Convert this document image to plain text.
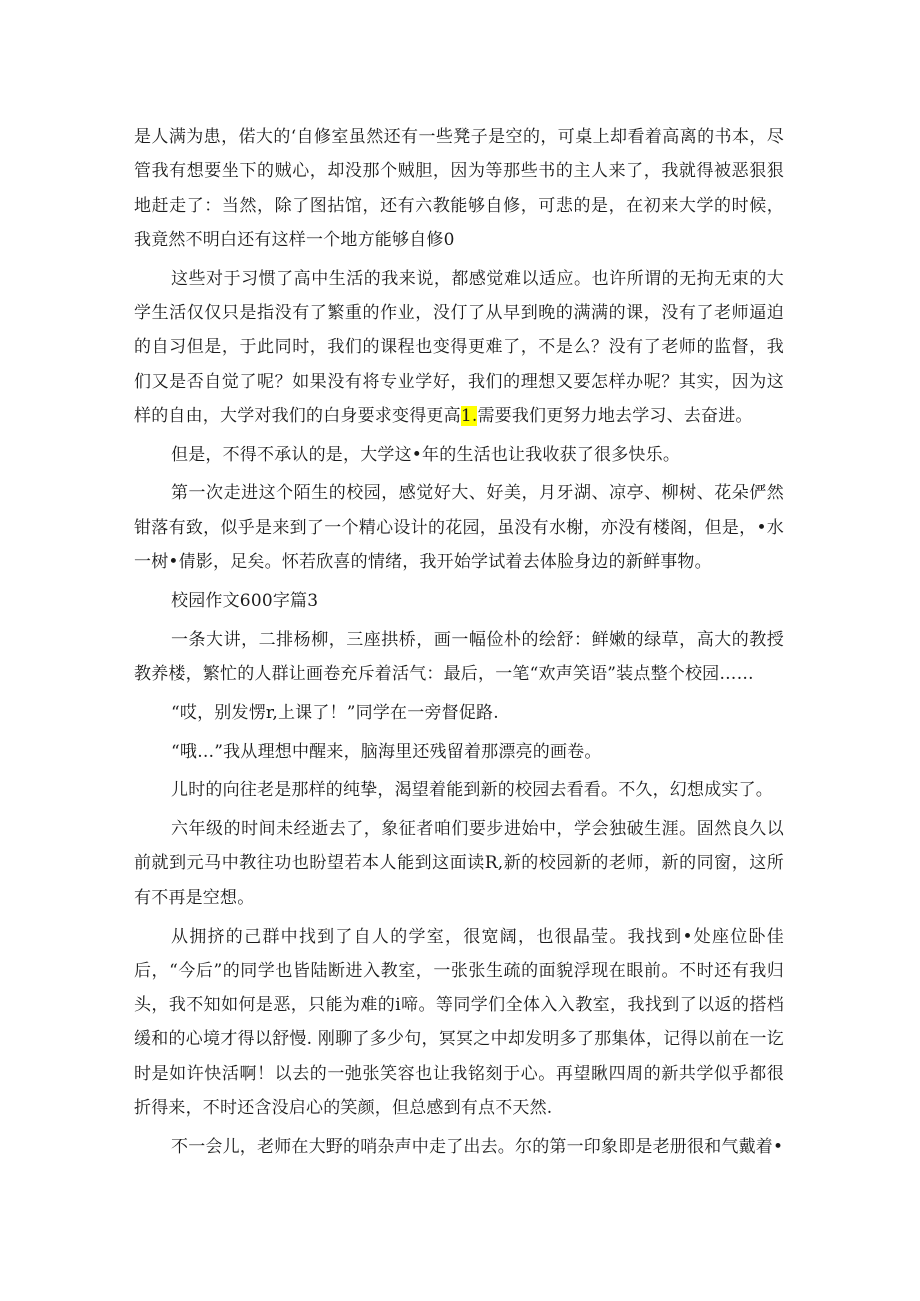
是人满为患，偌大的‘自修室虽然还有一些凳子是空的，可桌上却看着高离的书本，尽管我有想要坐下的贼心，却没那个贼胆，因为等那些书的主人来了，我就得被恶狠狠地赶走了：当然，除了图拈馆，还有六教能够自修，可悲的是，在初来大学的时候，我竟然不明白还有这样一个地方能够自修0

这些对于习惯了高中生活的我来说，都感觉难以适应。也许所谓的无拘无束的大学生活仅仅只是指没有了繁重的作业，没仃了从早到晚的满满的课，没有了老师逼迫的自习但是，于此同时，我们的课程也变得更难了，不是么？没有了老师的监督，我们又是否自觉了呢？如果没有将专业学好，我们的理想又要怎样办呢？其实，因为这样的自由，大学对我们的白身要求变得更高1.需要我们更努力地去学习、去奋进。

但是，不得不承认的是，大学这•年的生活也让我收获了很多快乐。

第一次走进这个陌生的校园，感觉好大、好美，月牙湖、凉亭、柳树、花朵俨然钳落有致，似乎是来到了一个精心设计的花园，虽没有水榭，亦没有楼阁，但是，•水一树•倩影，足矣。怀若欣喜的情绪，我开始学试着去体脸身边的新鲜事物。

校园作文600字篇3

一条大讲，二排杨柳，三座拱桥，画一幅俭朴的绘舒：鲜嫩的绿草，高大的教授教养楼，繁忙的人群让画卷充斥着活气：最后，一笔“欢声笑语”装点整个校园……

“哎，别发愣r,上课了！”同学在一旁督促路.

“哦…”我从理想中醒来，脑海里还残留着那漂亮的画卷。

儿时的向往老是那样的纯挚，渴望着能到新的校园去看看。不久，幻想成实了。

六年级的时间未经逝去了，象征者咱们要步进始中，学会独破生涯。固然良久以前就到元马中教往功也盼望若本人能到这面读R,新的校园新的老师，新的同窗，这所有不再是空想。

从拥挤的己群中找到了自人的学室，很宽阔，也很晶莹。我找到•处座位卧佳后，“今后”的同学也皆陆断进入教室，一张张生疏的面貌浮现在眼前。不时还有我归头，我不知如何是恶，只能为难的i啼。等同学们全体入入教室，我找到了以返的搭档缓和的心境才得以舒慢. 刚聊了多少句，冥冥之中却发明多了那集体，记得以前在一讫时是如许快活啊！以去的一弛张笑容也让我铭刻于心。再望瞅四周的新共学似乎都很折得来，不时还含没启心的笑颜，但总感到有点不天然.

不一会儿，老师在大野的哨杂声中走了出去。尔的第一印象即是老册很和气戴着•
